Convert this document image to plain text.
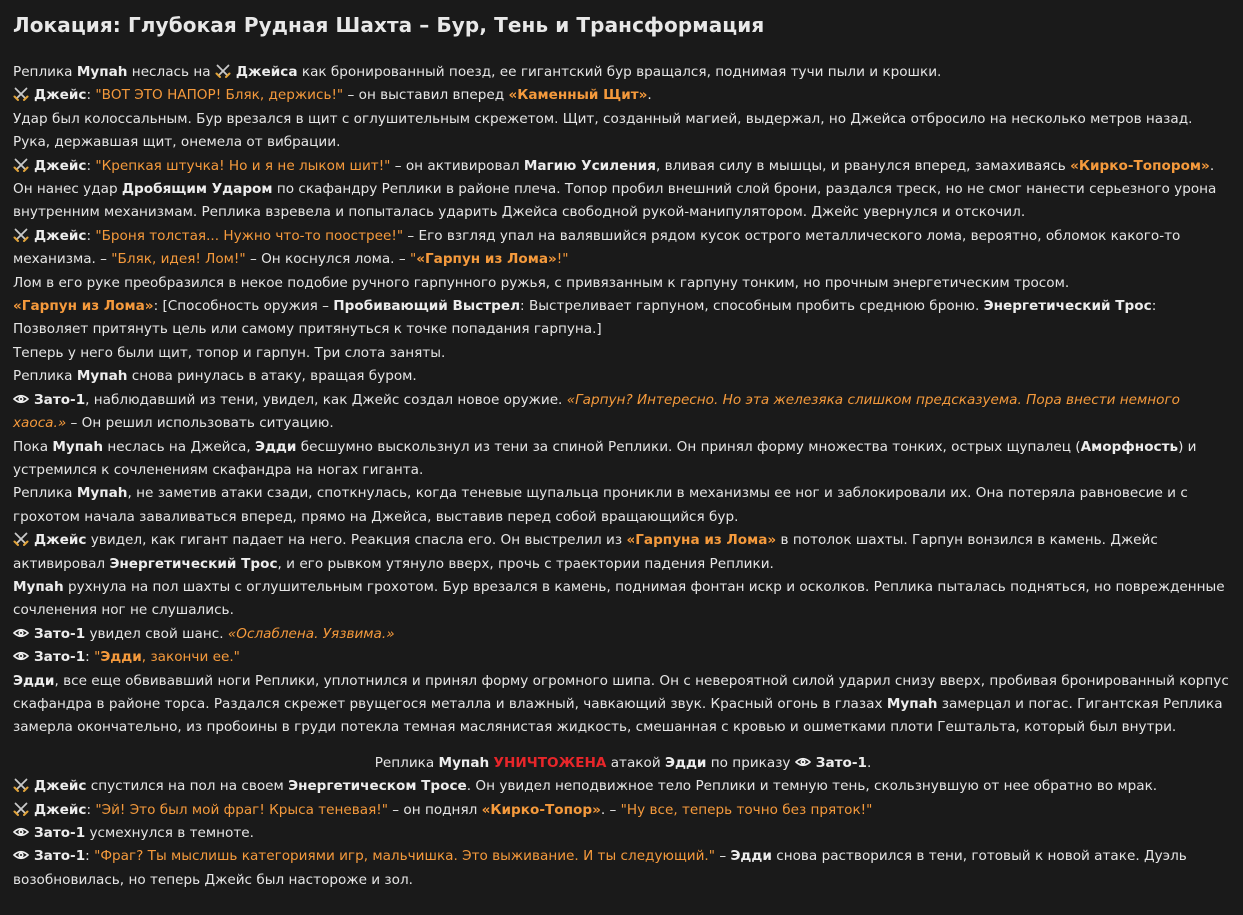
Локация: Глубокая Рудная Шахта – Бур, Тень и Трансформация
Реплика Мупаh неслась на
Джейса как бронированный поезд, ее гигантский бур вращался, поднимая тучи пыли и крошки.
Джейс: "ВОТ ЭТО НАПОР! Бляк, держись!" – он выставил вперед «Каменный Щит».
Удар был колоссальным. Бур врезался в щит с оглушительным скрежетом. Щит, созданный магией, выдержал, но Джейса отбросило на несколько метров назад. Рука, державшая щит, онемела от вибрации.
Джейс: "Крепкая штучка! Но и я не лыком шит!" – он активировал Магию Усиления, вливая силу в мышцы, и рванулся вперед, замахиваясь «Кирко-Топором».
Он нанес удар Дробящим Ударом по скафандру Реплики в районе плеча. Топор пробил внешний слой брони, раздался треск, но не смог нанести серьезного урона внутренним механизмам. Реплика взревела и попыталась ударить Джейса свободной рукой-манипулятором. Джейс увернулся и отскочил.
Джейс: "Броня толстая... Нужно что-то поострее!" – Его взгляд упал на валявшийся рядом кусок острого металлического лома, вероятно, обломок какого-то механизма. – "Бляк, идея! Лом!" – Он коснулся лома. – "«Гарпун из Лома»!"
Лом в его руке преобразился в некое подобие ручного гарпунного ружья, с привязанным к гарпуну тонким, но прочным энергетическим тросом.
«Гарпун из Лома»: [Способность оружия – Пробивающий Выстрел: Выстреливает гарпуном, способным пробить среднюю броню. Энергетический Трос: Позволяет притянуть цель или самому притянуться к точке попадания гарпуна.]
Теперь у него были щит, топор и гарпун. Три слота заняты.
Реплика Мупаh снова ринулась в атаку, вращая буром.
Зато-1, наблюдавший из тени, увидел, как Джейс создал новое оружие. «Гарпун? Интересно. Но эта железяка слишком предсказуема. Пора внести немного хаоса.» – Он решил использовать ситуацию.
Пока Мупаh неслась на Джейса, Эдди бесшумно выскользнул из тени за спиной Реплики. Он принял форму множества тонких, острых щупалец (Аморфность) и устремился к сочленениям скафандра на ногах гиганта.
Реплика Мупаh, не заметив атаки сзади, споткнулась, когда теневые щупальца проникли в механизмы ее ног и заблокировали их. Она потеряла равновесие и с грохотом начала заваливаться вперед, прямо на Джейса, выставив перед собой вращающийся бур.
Джейс увидел, как гигант падает на него. Реакция спасла его. Он выстрелил из «Гарпуна из Лома» в потолок шахты. Гарпун вонзился в камень. Джейс активировал Энергетический Трос, и его рывком утянуло вверх, прочь с траектории падения Реплики.
Мупаh рухнула на пол шахты с оглушительным грохотом. Бур врезался в камень, поднимая фонтан искр и осколков. Реплика пыталась подняться, но поврежденные сочленения ног не слушались.
Зато-1 увидел свой шанс. «Ослаблена. Уязвима.»
Зато-1: "Эдди, закончи ее."
Эдди, все еще обвивавший ноги Реплики, уплотнился и принял форму огромного шипа. Он с невероятной силой ударил снизу вверх, пробивая бронированный корпус скафандра в районе торса. Раздался скрежет рвущегося металла и влажный, чавкающий звук. Красный огонь в глазах Мупаh замерцал и погас. Гигантская Реплика замерла окончательно, из пробоины в груди потекла темная маслянистая жидкость, смешанная с кровью и ошметками плоти Гештальта, который был внутри.
Реплика Мупаh УНИЧТОЖЕНА атакой Эдди по приказу
Зато-1.
Джейс спустился на пол на своем Энергетическом Тросе. Он увидел неподвижное тело Реплики и темную тень, скользнувшую от нее обратно во мрак.
Джейс: "Эй! Это был мой фраг! Крыса теневая!" – он поднял «Кирко-Топор». – "Ну все, теперь точно без пряток!"
Зато-1 усмехнулся в темноте.
Зато-1: "Фраг? Ты мыслишь категориями игр, мальчишка. Это выживание. И ты следующий." – Эдди снова растворился в тени, готовый к новой атаке. Дуэль возобновилась, но теперь Джейс был настороже и зол.
